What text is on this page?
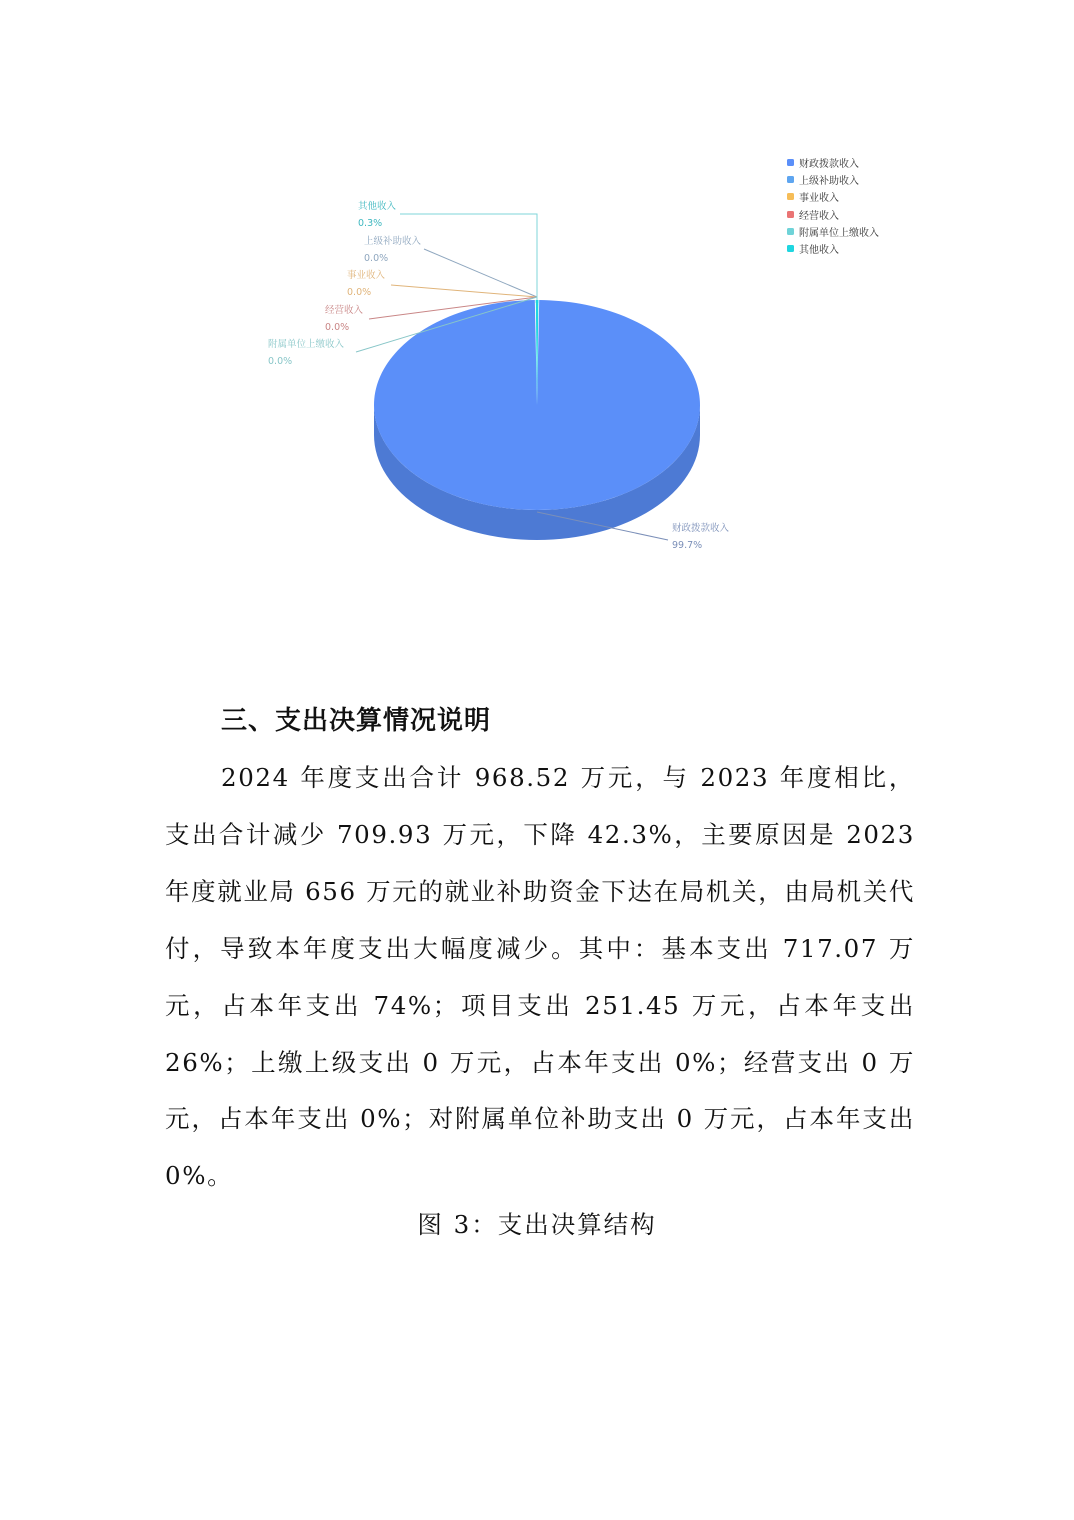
财政拨款收入
上级补助收入
事业收入
经营收入
附属单位上缴收入
其他收入
财政拨款收入
99.7%
上级补助收入
0.0%
事业收入
0.0%
经营收入
0.0%
附属单位上缴收入
0.0%
其他收入
0.3%
三、支出决算情况说明
2024 年度支出合计 968.52 万元，与 2023 年度相比，支出合计减少 709.93 万元，下降 42.3%，主要原因是 2023 年度就业局 656 万元的就业补助资金下达在局机关，由局机关代付，导致本年度支出大幅度减少。其中：基本支出 717.07 万元，占本年支出 74%；项目支出 251.45 万元，占本年支出 26%；上缴上级支出 0 万元，占本年支出 0%；经营支出 0 万元，占本年支出 0%；对附属单位补助支出 0 万元，占本年支出 0%。
图 3：支出决算结构
